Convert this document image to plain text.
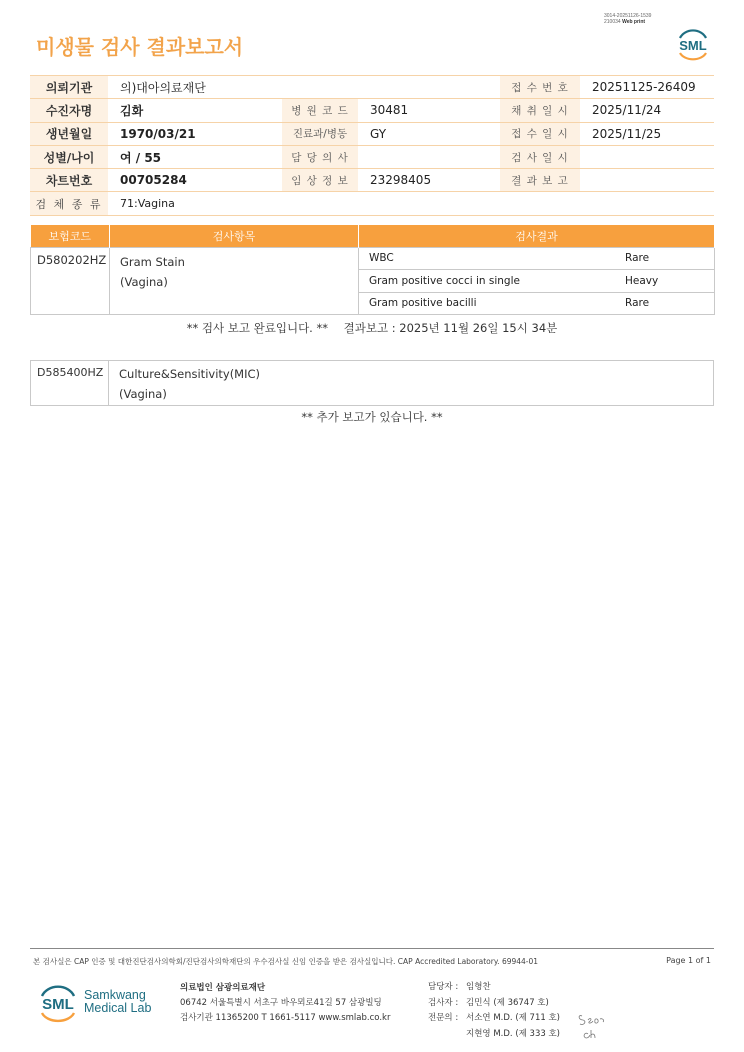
3014-20251126-1539
210034 Web print
미생물 검사 결과보고서	SML
의뢰기관	의)대아의료재단			접 수 번 호	20251125-26409
수진자명	김화	병 원 코 드	30481	채 취 일 시	2025/11/24
생년월일	1970/03/21	진료과/병동	GY	접 수 일 시	2025/11/25
성별/나이	여 / 55	담 당 의 사		검 사 일 시	
차트번호	00705284	임 상 정 보	23298405	결 과 보 고	
검 체 종 류	71:Vagina				
보험코드	검사항목	검사결과
D580202HZ	Gram Stain
(Vagina)

WBC	Rare
Gram positive cocci in single	Heavy
Gram positive bacilli	Rare
** 검사 보고 완료입니다. ** 결과보고 : 2025년 11월 26일 15시 34분
D585400HZ	Culture&Sensitivity(MIC)
(Vagina)
** 추가 보고가 있습니다. **
본 검사실은 CAP 인증 및 대한진단검사의학회/진단검사의학재단의 우수검사실 신임 인증을 받은 검사실입니다. CAP Accredited Laboratory. 69944-01	Page 1 of 1
SML
Samkwang
Medical Lab
의료법인 삼광의료재단
06742 서울특별시 서초구 바우뫼로41길 57 삼광빌딩
검사기관 11365200 T 1661-5117 www.smlab.co.kr
담당자 : 임형찬
검사자 : 김민식 (제 36747 호)
전문의 : 서소연 M.D. (제 711 호)
지현영 M.D. (제 333 호)
